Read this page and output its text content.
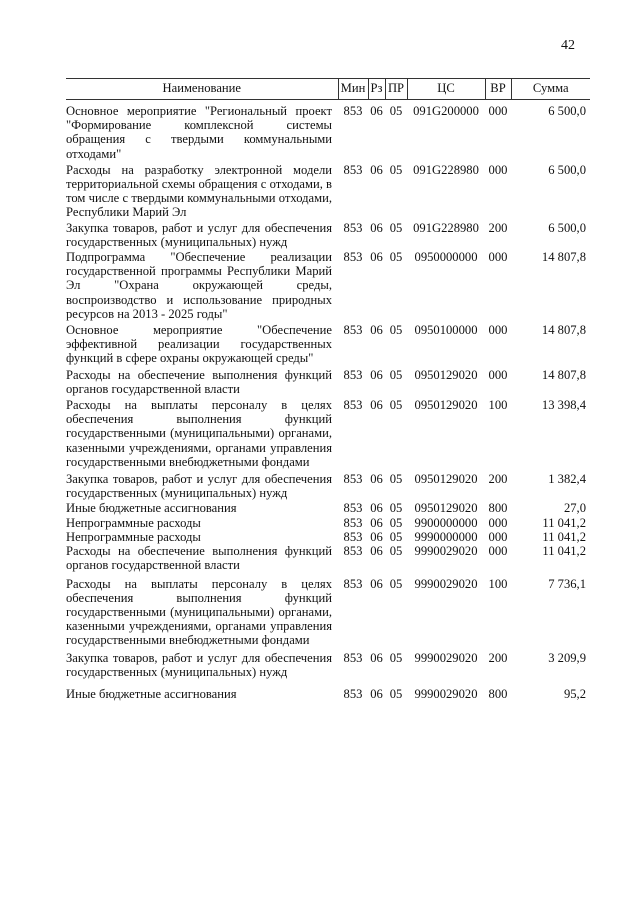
42
Наименование	Мин	Рз	ПР	ЦС	ВР	Сумма
Основное мероприятие "Региональный проект "Формирование комплексной системы обращения с твердыми коммунальными отходами"	853	06	05	091G200000	000	6 500,0
Расходы на разработку электронной модели территориальной схемы обращения с отходами, в том числе с твердыми коммунальными отходами, Республики Марий Эл	853	06	05	091G228980	000	6 500,0
Закупка товаров, работ и услуг для обеспечения государственных (муниципальных) нужд	853	06	05	091G228980	200	6 500,0
Подпрограмма "Обеспечение реализации государственной программы Республики Марий Эл "Охрана окружающей среды, воспроизводство и использование природных ресурсов на 2013 - 2025 годы"	853	06	05	0950000000	000	14 807,8
Основное мероприятие "Обеспечение эффективной реализации государственных функций в сфере охраны окружающей среды"	853	06	05	0950100000	000	14 807,8
Расходы на обеспечение выполнения функций органов государственной власти	853	06	05	0950129020	000	14 807,8
Расходы на выплаты персоналу в целях обеспечения выполнения функций государственными (муниципальными) органами, казенными учреждениями, органами управления государственными внебюджетными фондами	853	06	05	0950129020	100	13 398,4
Закупка товаров, работ и услуг для обеспечения государственных (муниципальных) нужд	853	06	05	0950129020	200	1 382,4
Иные бюджетные ассигнования	853	06	05	0950129020	800	27,0
Непрограммные расходы	853	06	05	9900000000	000	11 041,2
Непрограммные расходы	853	06	05	9990000000	000	11 041,2
Расходы на обеспечение выполнения функций органов государственной власти	853	06	05	9990029020	000	11 041,2
Расходы на выплаты персоналу в целях обеспечения выполнения функций государственными (муниципальными) органами, казенными учреждениями, органами управления государственными внебюджетными фондами	853	06	05	9990029020	100	7 736,1
Закупка товаров, работ и услуг для обеспечения государственных (муниципальных) нужд	853	06	05	9990029020	200	3 209,9
Иные бюджетные ассигнования	853	06	05	9990029020	800	95,2
